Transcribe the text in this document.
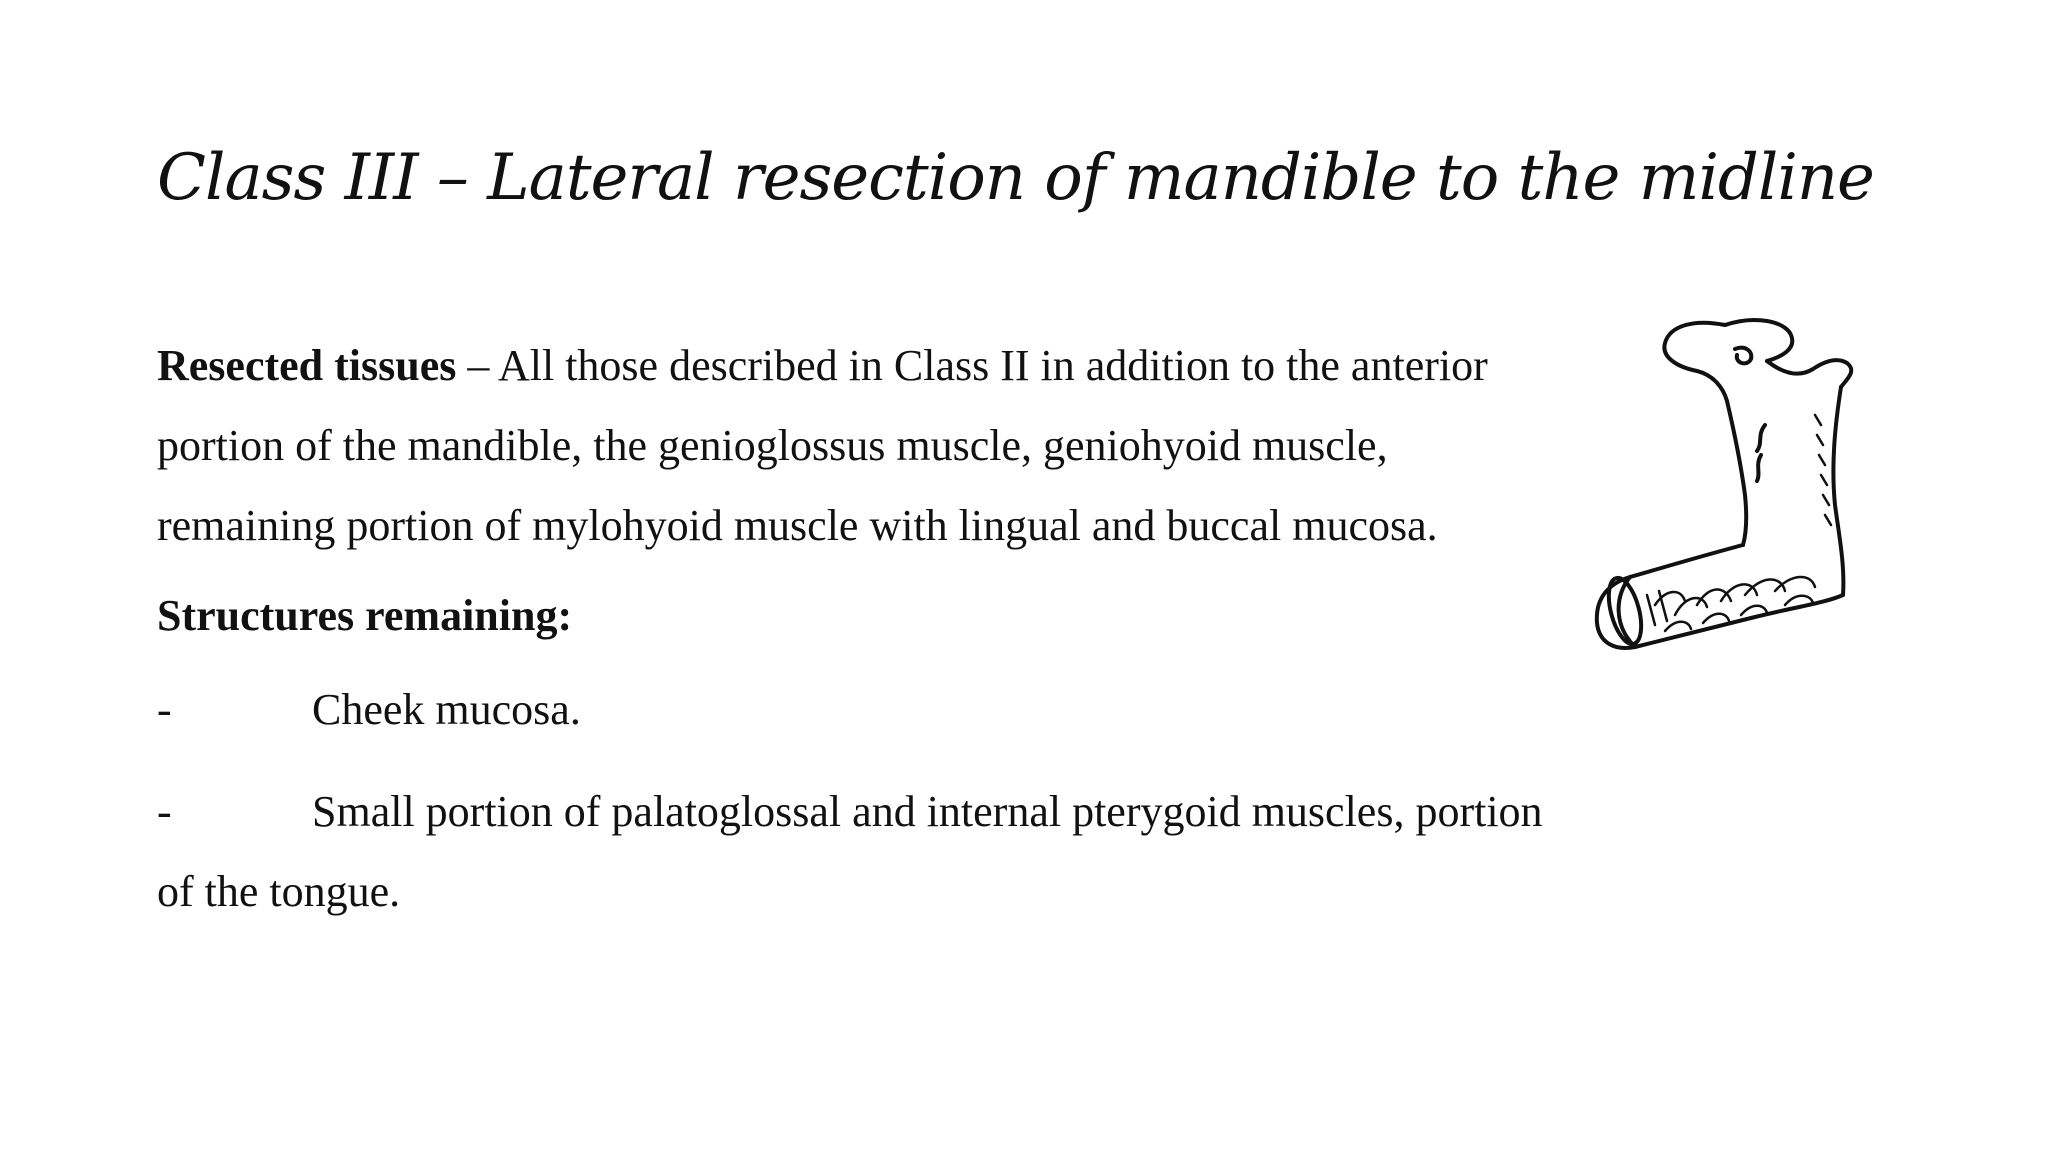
Class III – Lateral resection of mandible to the midline

Resected tissues – All those described in Class II in addition to the anterior portion of the mandible, the genioglossus muscle, geniohyoid muscle, remaining portion of mylohyoid muscle with lingual and buccal mucosa.

Structures remaining:

-	Cheek mucosa.

-	Small portion of palatoglossal and internal pterygoid muscles, portion of the tongue.
